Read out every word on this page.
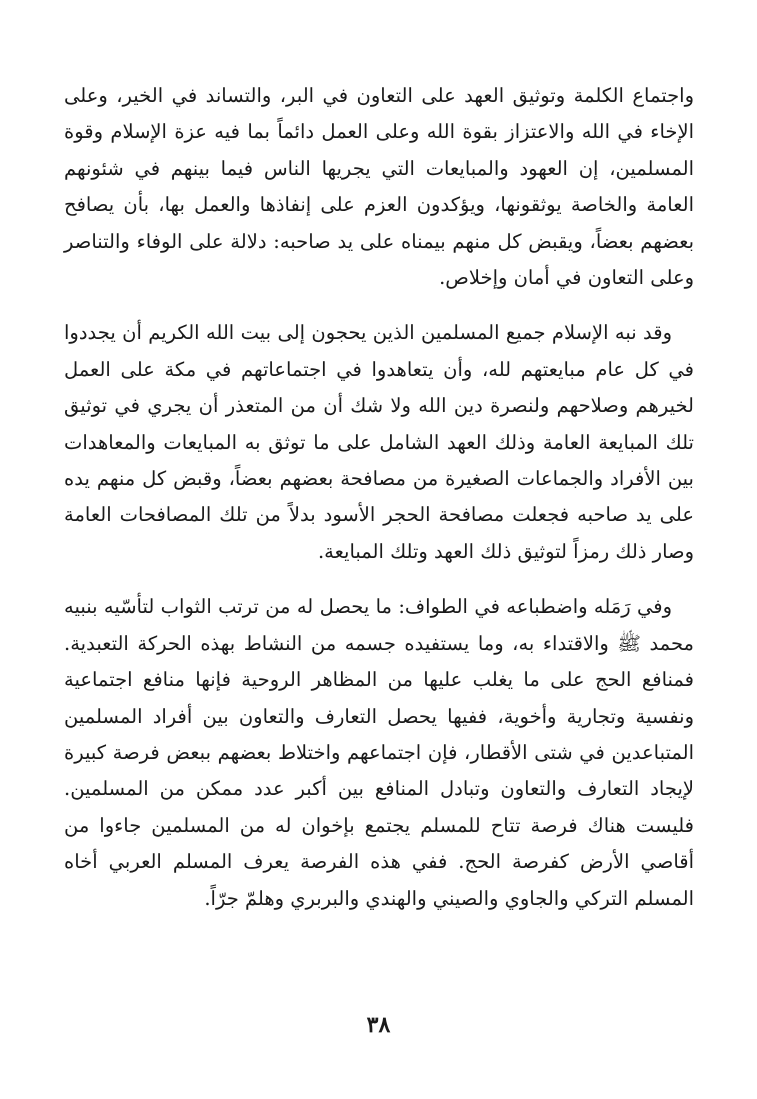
واجتماع الكلمة وتوثيق العهد على التعاون في البر، والتساند في الخير، وعلى الإخاء في الله والاعتزاز بقوة الله وعلى العمل دائماً بما فيه عزة الإسلام وقوة المسلمين، إن العهود والمبايعات التي يجريها الناس فيما بينهم في شئونهم العامة والخاصة يوثقونها، ويؤكدون العزم على إنفاذها والعمل بها، بأن يصافح بعضهم بعضاً، ويقبض كل منهم بيمناه على يد صاحبه: دلالة على الوفاء والتناصر وعلى التعاون في أمان وإخلاص.

وقد نبه الإسلام جميع المسلمين الذين يحجون إلى بيت الله الكريم أن يجددوا في كل عام مبايعتهم لله، وأن يتعاهدوا في اجتماعاتهم في مكة على العمل لخيرهم وصلاحهم ولنصرة دين الله ولا شك أن من المتعذر أن يجري في توثيق تلك المبايعة العامة وذلك العهد الشامل على ما توثق به المبايعات والمعاهدات بين الأفراد والجماعات الصغيرة من مصافحة بعضهم بعضاً، وقبض كل منهم يده على يد صاحبه فجعلت مصافحة الحجر الأسود بدلاً من تلك المصافحات العامة وصار ذلك رمزاً لتوثيق ذلك العهد وتلك المبايعة.

وفي رَمَله واضطباعه في الطواف: ما يحصل له من ترتب الثواب لتأسّيه بنبيه محمد ﷺ والاقتداء به، وما يستفيده جسمه من النشاط بهذه الحركة التعبدية. فمنافع الحج على ما يغلب عليها من المظاهر الروحية فإنها منافع اجتماعية ونفسية وتجارية وأخوية، ففيها يحصل التعارف والتعاون بين أفراد المسلمين المتباعدين في شتى الأقطار، فإن اجتماعهم واختلاط بعضهم ببعض فرصة كبيرة لإيجاد التعارف والتعاون وتبادل المنافع بين أكبر عدد ممكن من المسلمين. فليست هناك فرصة تتاح للمسلم يجتمع بإخوان له من المسلمين جاءوا من أقاصي الأرض كفرصة الحج. ففي هذه الفرصة يعرف المسلم العربي أخاه المسلم التركي والجاوي والصيني والهندي والبربري وهلمّ جرّاً.

٣٨
